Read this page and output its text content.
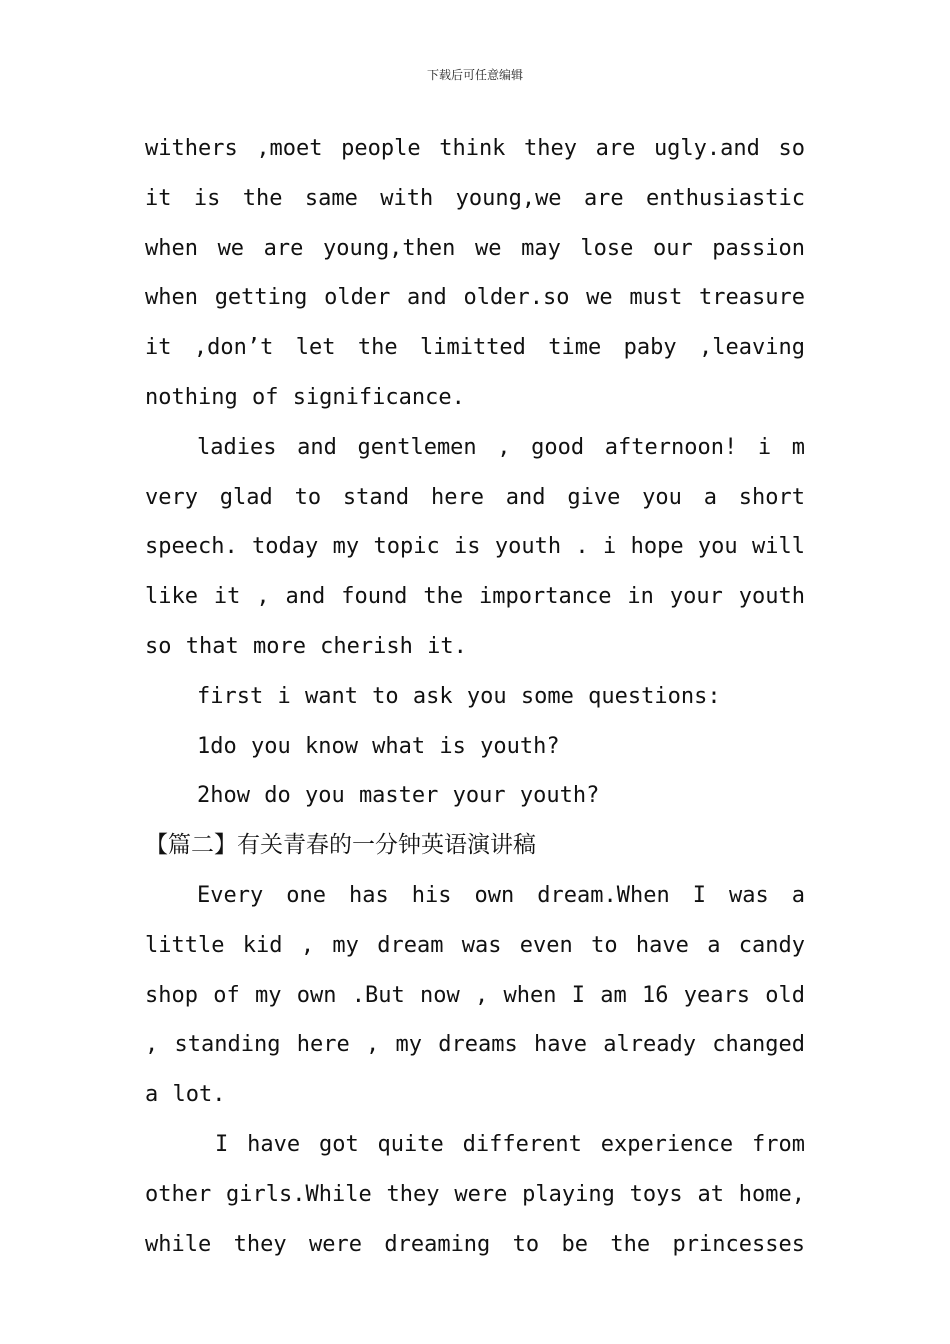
下载后可任意编辑

withers ,moet people think they are ugly.and so it is the same with young,we are enthusiastic when we are young,then we may lose our passion when getting older and older.so we must treasure it ,don’t let the limitted time paby ,leaving nothing of significance.

ladies and gentlemen , good afternoon! i m very glad to stand here and give you a short speech. today my topic is youth . i hope you will like it , and found the importance in your youth so that more cherish it.

first i want to ask you some questions:

1do you know what is youth?

2how do you master your youth?

【篇二】有关青春的一分钟英语演讲稿

Every one has his own dream.When I was a little kid , my dream was even to have a candy shop of my own .But now , when I am 16 years old , standing here , my dreams have already changed a lot.

I have got quite different experience from other girls.While they were playing toys at home, while they were dreaming to be the princesses
